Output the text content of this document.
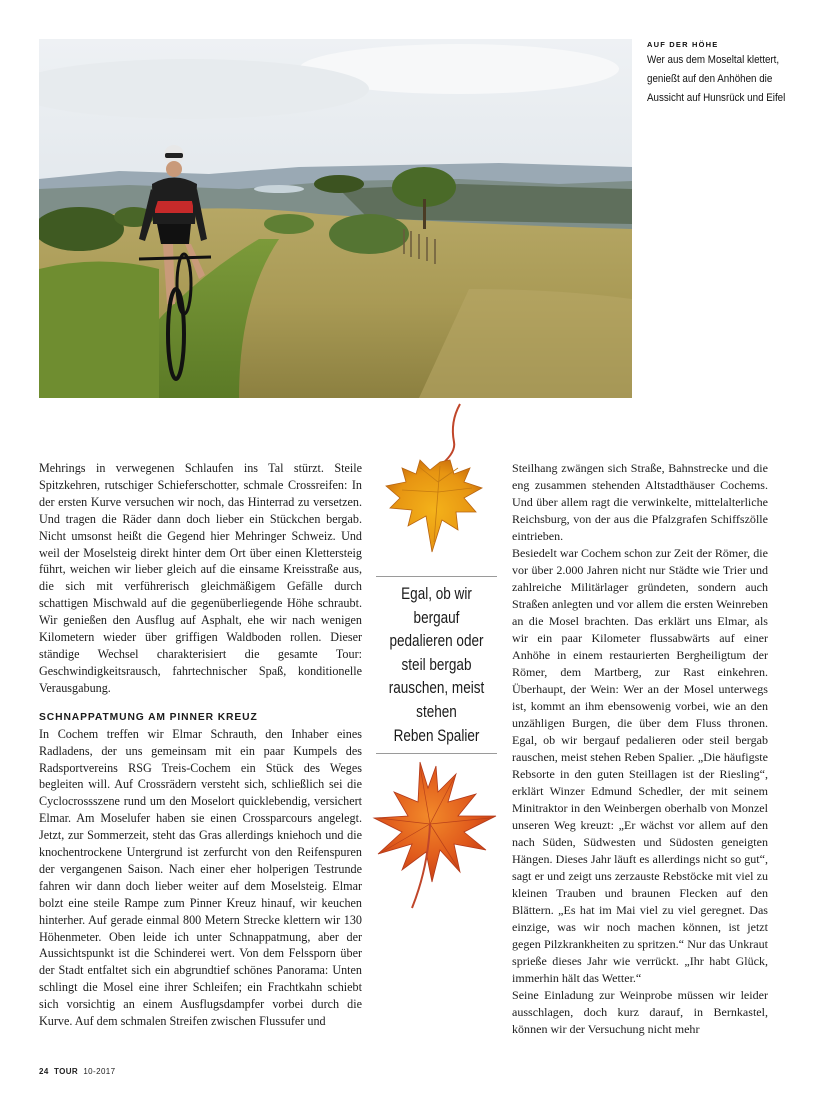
AUF DER HÖHE
Wer aus dem Moseltal klettert, genießt auf den Anhöhen die Aussicht auf Hunsrück und Eifel

Mehrings in verwegenen Schlaufen ins Tal stürzt. Steile Spitzkehren, rutschiger Schieferschotter, schmale Crossreifen: In der ersten Kurve versuchen wir noch, das Hinterrad zu versetzen. Und tragen die Räder dann doch lieber ein Stückchen bergab. Nicht umsonst heißt die Gegend hier Mehringer Schweiz. Und weil der Moselsteig direkt hinter dem Ort über einen Klettersteig führt, weichen wir lieber gleich auf die einsame Kreisstraße aus, die sich mit verführerisch gleichmäßigem Gefälle durch schattigen Mischwald auf die gegenüberliegende Höhe schraubt. Wir genießen den Ausflug auf Asphalt, ehe wir nach wenigen Kilometern wieder über griffigen Waldboden rollen. Dieser ständige Wechsel charakterisiert die gesamte Tour: Geschwindigkeitsrausch, fahrtechnischer Spaß, konditionelle Verausgabung.

SCHNAPPATMUNG AM PINNER KREUZ

In Cochem treffen wir Elmar Schrauth, den Inhaber eines Radladens, der uns gemeinsam mit ein paar Kumpels des Radsportvereins RSG Treis-Cochem ein Stück des Weges begleiten will. Auf Crossrädern versteht sich, schließlich sei die Cyclocrossszene rund um den Moselort quicklebendig, versichert Elmar. Am Moselufer haben sie einen Crossparcours angelegt. Jetzt, zur Sommerzeit, steht das Gras allerdings kniehoch und die knochentrockene Untergrund ist zerfurcht von den Reifenspuren der vergangenen Saison. Nach einer eher holperigen Testrunde fahren wir dann doch lieber weiter auf dem Moselsteig. Elmar bolzt eine steile Rampe zum Pinner Kreuz hinauf, wir keuchen hinterher. Auf gerade einmal 800 Metern Strecke klettern wir 130 Höhenmeter. Oben leide ich unter Schnappatmung, aber der Aussichtspunkt ist die Schinderei wert. Von dem Felssporn über der Stadt entfaltet sich ein abgrundtief schönes Panorama: Unten schlingt die Mosel eine ihrer Schleifen; ein Frachtkahn schiebt sich vorsichtig an einem Ausflugsdampfer vorbei durch die Kurve. Auf dem schmalen Streifen zwischen Flussufer und

Egal, ob wir
bergauf
pedalieren oder
steil bergab
rauschen, meist
stehen
Reben Spalier

Steilhang zwängen sich Straße, Bahnstrecke und die eng zusammen stehenden Altstadthäuser Cochems. Und über allem ragt die verwinkelte, mittelalterliche Reichsburg, von der aus die Pfalzgrafen Schiffszölle eintrieben.

Besiedelt war Cochem schon zur Zeit der Römer, die vor über 2.000 Jahren nicht nur Städte wie Trier und zahlreiche Militärlager gründeten, sondern auch Straßen anlegten und vor allem die ersten Weinreben an die Mosel brachten. Das erklärt uns Elmar, als wir ein paar Kilometer flussabwärts auf einer Anhöhe in einem restaurierten Bergheiligtum der Römer, dem Martberg, zur Rast einkehren. Überhaupt, der Wein: Wer an der Mosel unterwegs ist, kommt an ihm ebensowenig vorbei, wie an den unzähligen Burgen, die über dem Fluss thronen. Egal, ob wir bergauf pedalieren oder steil bergab rauschen, meist stehen Reben Spalier. „Die häufigste Rebsorte in den guten Steillagen ist der Riesling“, erklärt Winzer Edmund Schedler, der mit seinem Minitraktor in den Weinbergen oberhalb von Monzel unseren Weg kreuzt: „Er wächst vor allem auf den nach Süden, Südwesten und Südosten geneigten Hängen. Dieses Jahr läuft es allerdings nicht so gut“, sagt er und zeigt uns zerzauste Rebstöcke mit viel zu kleinen Trauben und braunen Flecken auf den Blättern. „Es hat im Mai viel zu viel geregnet. Das einzige, was wir noch machen können, ist jetzt gegen Pilzkrankheiten zu spritzen.“ Nur das Unkraut sprieße dieses Jahr wie verrückt. „Ihr habt Glück, immerhin hält das Wetter.“

Seine Einladung zur Weinprobe müssen wir leider ausschlagen, doch kurz darauf, in Bernkastel, können wir der Versuchung nicht mehr

24 TOUR 10-2017
